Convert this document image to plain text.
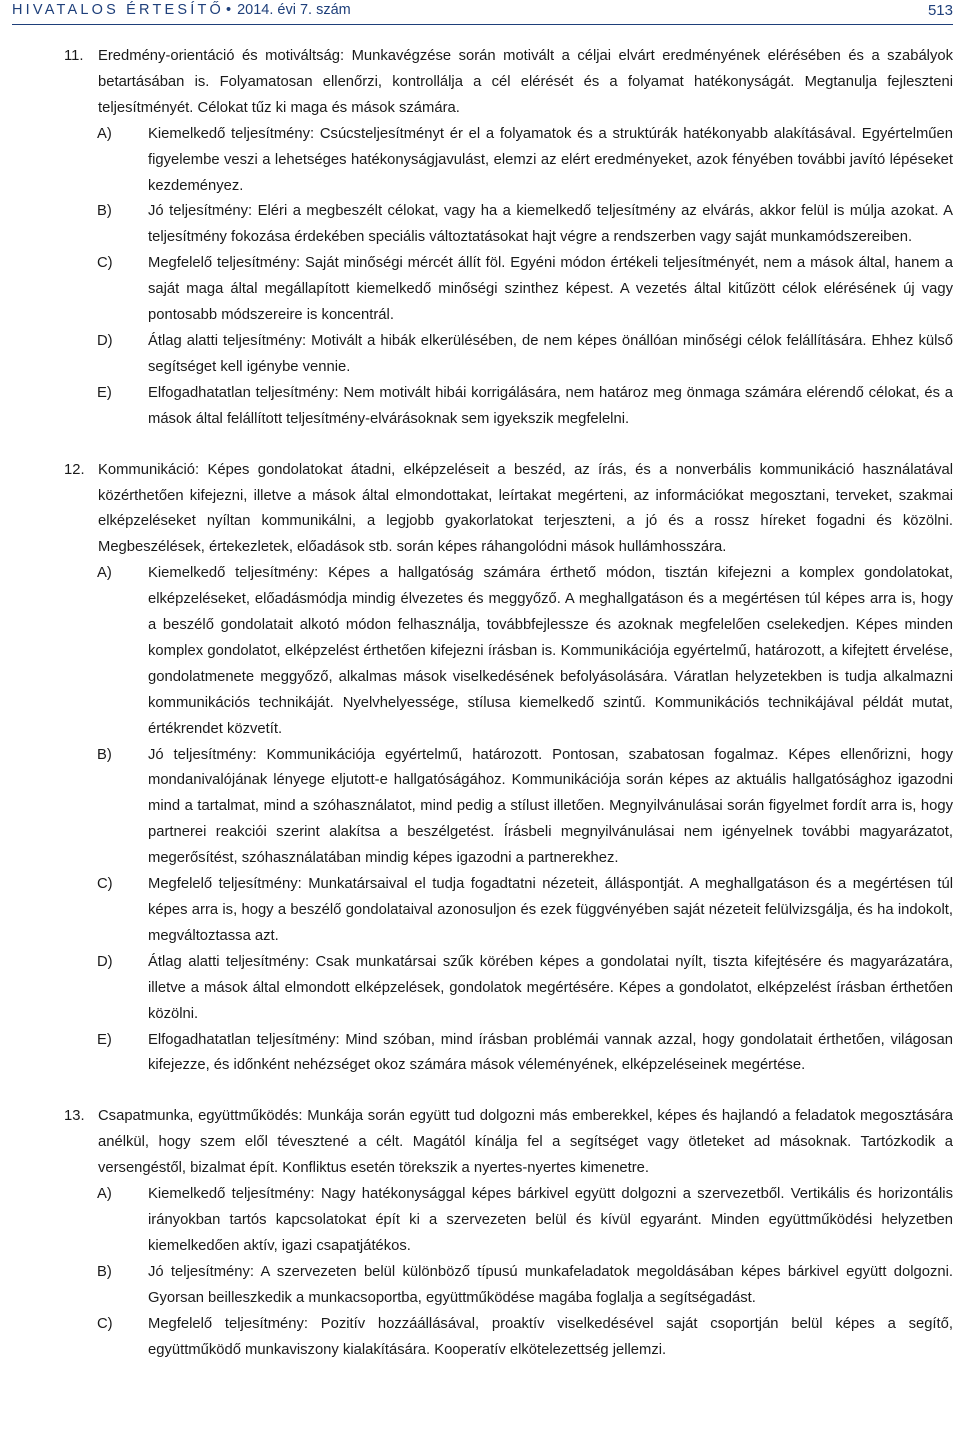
HIVATALOS ÉRTESÍTŐ • 2014. évi 7. szám	513
11. Eredmény-orientáció és motiváltság: Munkavégzése során motivált a céljai elvárt eredményének elérésében és a szabályok betartásában is. Folyamatosan ellenőrzi, kontrollálja a cél elérését és a folyamat hatékonyságát. Megtanulja fejleszteni teljesítményét. Célokat tűz ki maga és mások számára.
A) Kiemelkedő teljesítmény: Csúcsteljesítményt ér el a folyamatok és a struktúrák hatékonyabb alakításával. Egyértelműen figyelembe veszi a lehetséges hatékonyságjavulást, elemzi az elért eredményeket, azok fényében további javító lépéseket kezdeményez.
B) Jó teljesítmény: Eléri a megbeszélt célokat, vagy ha a kiemelkedő teljesítmény az elvárás, akkor felül is múlja azokat. A teljesítmény fokozása érdekében speciális változtatásokat hajt végre a rendszerben vagy saját munkamódszereiben.
C) Megfelelő teljesítmény: Saját minőségi mércét állít föl. Egyéni módon értékeli teljesítményét, nem a mások által, hanem a saját maga által megállapított kiemelkedő minőségi szinthez képest. A vezetés által kitűzött célok elérésének új vagy pontosabb módszereire is koncentrál.
D) Átlag alatti teljesítmény: Motivált a hibák elkerülésében, de nem képes önállóan minőségi célok felállítására. Ehhez külső segítséget kell igénybe vennie.
E) Elfogadhatatlan teljesítmény: Nem motivált hibái korrigálására, nem határoz meg önmaga számára elérendő célokat, és a mások által felállított teljesítmény-elvárásoknak sem igyekszik megfelelni.
12. Kommunikáció: Képes gondolatokat átadni, elképzeléseit a beszéd, az írás, és a nonverbális kommunikáció használatával közérthetően kifejezni, illetve a mások által elmondottakat, leírtakat megérteni, az információkat megosztani, terveket, szakmai elképzeléseket nyíltan kommunikálni, a legjobb gyakorlatokat terjeszteni, a jó és a rossz híreket fogadni és közölni. Megbeszélések, értekezletek, előadások stb. során képes ráhangolódni mások hullámhosszára.
A) Kiemelkedő teljesítmény: Képes a hallgatóság számára érthető módon, tisztán kifejezni a komplex gondolatokat, elképzeléseket, előadásmódja mindig élvezetes és meggyőző. A meghallgatáson és a megértésen túl képes arra is, hogy a beszélő gondolatait alkotó módon felhasználja, továbbfejlessze és azoknak megfelelően cselekedjen. Képes minden komplex gondolatot, elképzelést érthetően kifejezni írásban is. Kommunikációja egyértelmű, határozott, a kifejtett érvelése, gondolatmenete meggyőző, alkalmas mások viselkedésének befolyásolására. Váratlan helyzetekben is tudja alkalmazni kommunikációs technikáját. Nyelvhelyessége, stílusa kiemelkedő szintű. Kommunikációs technikájával példát mutat, értékrendet közvetít.
B) Jó teljesítmény: Kommunikációja egyértelmű, határozott. Pontosan, szabatosan fogalmaz. Képes ellenőrizni, hogy mondanivalójának lényege eljutott-e hallgatóságához. Kommunikációja során képes az aktuális hallgatósághoz igazodni mind a tartalmat, mind a szóhasználatot, mind pedig a stílust illetően. Megnyilvánulásai során figyelmet fordít arra is, hogy partnerei reakciói szerint alakítsa a beszélgetést. Írásbeli megnyilvánulásai nem igényelnek további magyarázatot, megerősítést, szóhasználatában mindig képes igazodni a partnerekhez.
C) Megfelelő teljesítmény: Munkatársaival el tudja fogadtatni nézeteit, álláspontját. A meghallgatáson és a megértésen túl képes arra is, hogy a beszélő gondolataival azonosuljon és ezek függvényében saját nézeteit felülvizsgálja, és ha indokolt, megváltoztassa azt.
D) Átlag alatti teljesítmény: Csak munkatársai szűk körében képes a gondolatai nyílt, tiszta kifejtésére és magyarázatára, illetve a mások által elmondott elképzelések, gondolatok megértésére. Képes a gondolatot, elképzelést írásban érthetően közölni.
E) Elfogadhatatlan teljesítmény: Mind szóban, mind írásban problémái vannak azzal, hogy gondolatait érthetően, világosan kifejezze, és időnként nehézséget okoz számára mások véleményének, elképzeléseinek megértése.
13. Csapatmunka, együttműködés: Munkája során együtt tud dolgozni más emberekkel, képes és hajlandó a feladatok megosztására anélkül, hogy szem elől tévesztené a célt. Magától kínálja fel a segítséget vagy ötleteket ad másoknak. Tartózkodik a versengéstől, bizalmat épít. Konfliktus esetén törekszik a nyertes-nyertes kimenetre.
A) Kiemelkedő teljesítmény: Nagy hatékonysággal képes bárkivel együtt dolgozni a szervezetből. Vertikális és horizontális irányokban tartós kapcsolatokat épít ki a szervezeten belül és kívül egyaránt. Minden együttműködési helyzetben kiemelkedően aktív, igazi csapatjátékos.
B) Jó teljesítmény: A szervezeten belül különböző típusú munkafeladatok megoldásában képes bárkivel együtt dolgozni. Gyorsan beilleszkedik a munkacsoportba, együttműködése magába foglalja a segítségadást.
C) Megfelelő teljesítmény: Pozitív hozzáállásával, proaktív viselkedésével saját csoportján belül képes a segítő, együttműködő munkaviszony kialakítására. Kooperatív elkötelezettség jellemzi.
